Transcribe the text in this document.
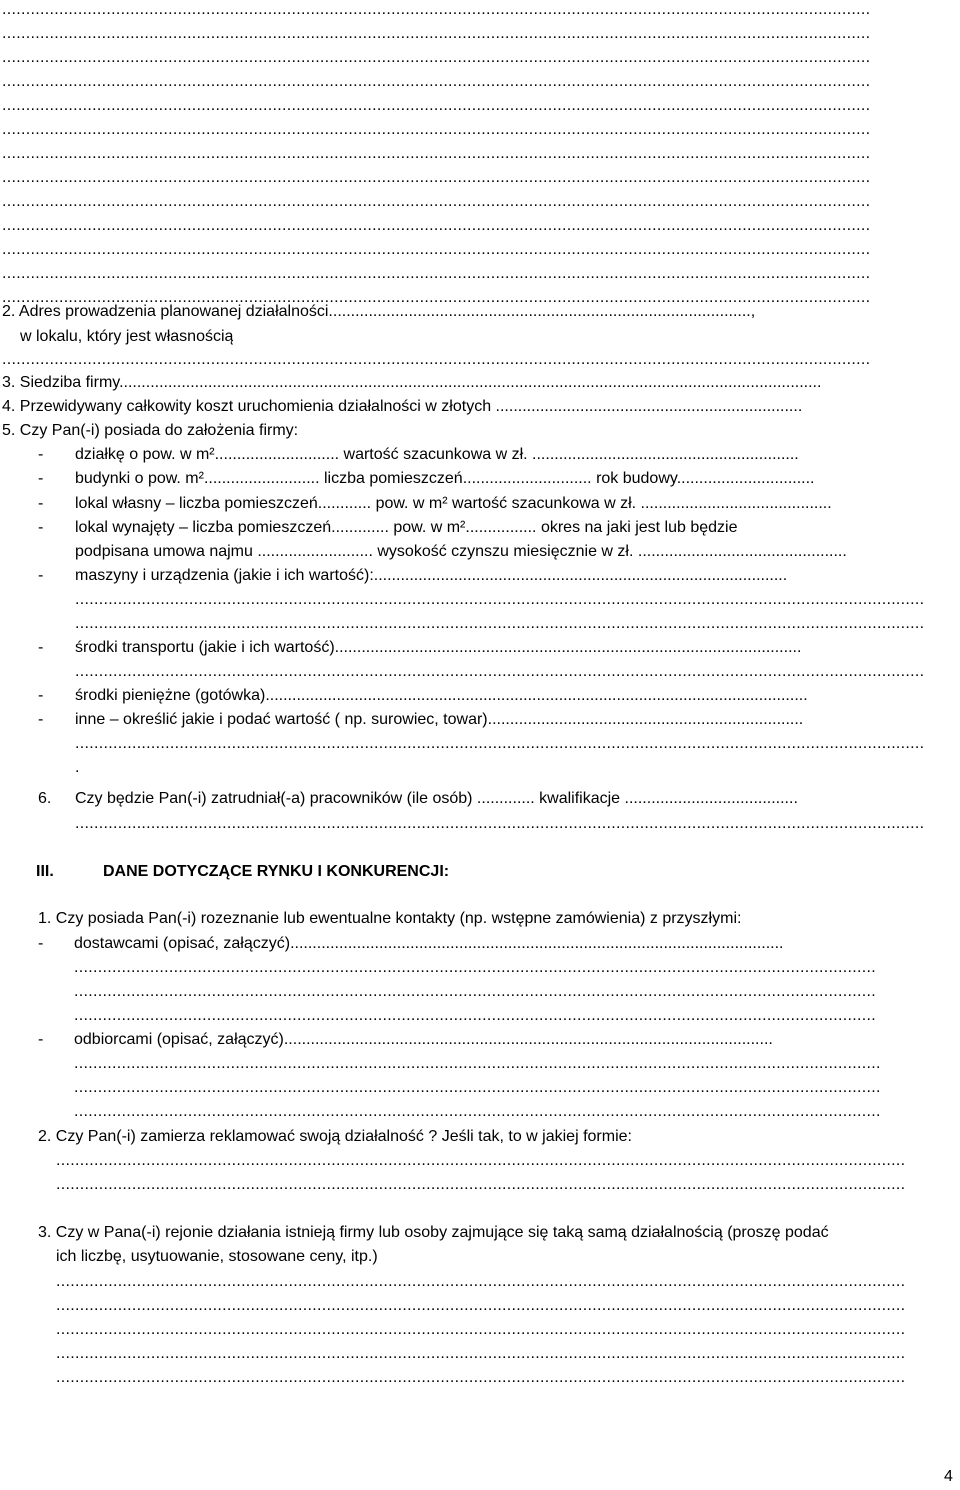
.......................................................................................................................................................................................
.......................................................................................................................................................................................
.......................................................................................................................................................................................
.......................................................................................................................................................................................
.......................................................................................................................................................................................
.......................................................................................................................................................................................
.......................................................................................................................................................................................
.......................................................................................................................................................................................
.......................................................................................................................................................................................
.......................................................................................................................................................................................
.......................................................................................................................................................................................
.......................................................................................................................................................................................
.......................................................................................................................................................................................
2. Adres prowadzenia planowanej działalności...............................................................................................,
w lokalu, który jest własnością
.......................................................................................................................................................................................
3. Siedziba firmy..............................................................................................................................................................
4. Przewidywany całkowity koszt uruchomienia działalności w złotych .....................................................................
5. Czy Pan(-i) posiada do założenia firmy:
- działkę o pow. w m²............................ wartość szacunkowa w zł. ............................................................
- budynki o pow. m².......................... liczba pomieszczeń............................. rok budowy...............................
- lokal własny – liczba pomieszczeń............ pow. w m² wartość szacunkowa w zł. ...........................................
- lokal wynajęty – liczba pomieszczeń............. pow. w m²................ okres na jaki jest lub będzie
podpisana umowa najmu .......................... wysokość czynszu miesięcznie w zł. ...............................................
- maszyny i urządzenia (jakie i ich wartość):.............................................................................................
...................................................................................................................................................................................
...................................................................................................................................................................................
- środki transportu (jakie i ich wartość).........................................................................................................
...................................................................................................................................................................................
- środki pieniężne (gotówka)..........................................................................................................................
- inne – określić jakie i podać wartość ( np. surowiec, towar).......................................................................
...................................................................................................................................................................................
.
6. Czy będzie Pan(-i) zatrudniał(-a) pracowników (ile osób) ............. kwalifikacje .......................................
...................................................................................................................................................................................
III.	DANE DOTYCZĄCE RYNKU I KONKURENCJI:
1. Czy posiada Pan(-i) rozeznanie lub ewentualne kontakty (np. wstępne zamówienia) z przyszłymi:
- dostawcami (opisać, załączyć)...............................................................................................................
.........................................................................................................................................................................
.........................................................................................................................................................................
.........................................................................................................................................................................
- odbiorcami (opisać, załączyć)..............................................................................................................
..........................................................................................................................................................................
..........................................................................................................................................................................
..........................................................................................................................................................................
2. Czy Pan(-i) zamierza reklamować swoją działalność ? Jeśli tak, to w jakiej formie:
...................................................................................................................................................................................
...................................................................................................................................................................................
3. Czy w Pana(-i) rejonie działania istnieją firmy lub osoby zajmujące się taką samą działalnością (proszę podać
ich liczbę, usytuowanie, stosowane ceny, itp.)
...................................................................................................................................................................................
...................................................................................................................................................................................
...................................................................................................................................................................................
...................................................................................................................................................................................
...................................................................................................................................................................................
4
